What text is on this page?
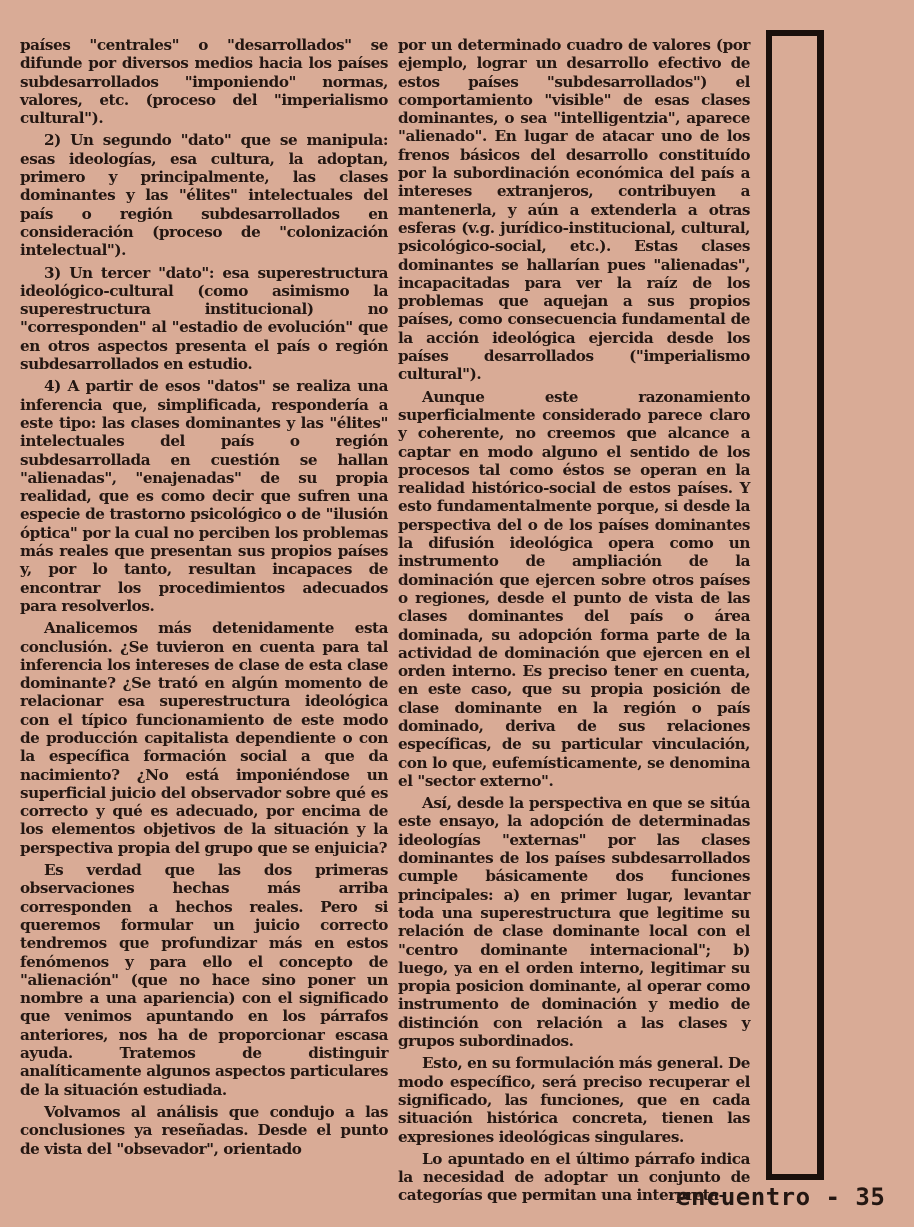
países "centrales" o "desarrollados" se difunde por diversos medios hacia los países subdesarrollados "imponiendo" normas, valores, etc. (proceso del "imperialismo cultural").

2) Un segundo "dato" que se manipula: esas ideologías, esa cultura, la adoptan, primero y principalmente, las clases dominantes y las "élites" intelectuales del país o región subdesarrollados en consideración (proceso de "colonización intelectual").

3) Un tercer "dato": esa superestructura ideológico-cultural (como asimismo la superestructura institucional) no "corresponden" al "estadio de evolución" que en otros aspectos presenta el país o región subdesarrollados en estudio.

4) A partir de esos "datos" se realiza una inferencia que, simplificada, respondería a este tipo: las clases dominantes y las "élites" intelectuales del país o región subdesarrollada en cuestión se hallan "alienadas", "enajenadas" de su propia realidad, que es como decir que sufren una especie de trastorno psicológico o de "ilusión óptica" por la cual no perciben los problemas más reales que presentan sus propios países y, por lo tanto, resultan incapaces de encontrar los procedimientos adecuados para resolverlos.

Analicemos más detenidamente esta conclusión. ¿Se tuvieron en cuenta para tal inferencia los intereses de clase de esta clase dominante? ¿Se trató en algún momento de relacionar esa superestructura ideológica con el típico funcionamiento de este modo de producción capitalista dependiente o con la específica formación social a que da nacimiento? ¿No está imponiéndose un superficial juicio del observador sobre qué es correcto y qué es adecuado, por encima de los elementos objetivos de la situación y la perspectiva propia del grupo que se enjuicia?

Es verdad que las dos primeras observaciones hechas más arriba corresponden a hechos reales. Pero si queremos formular un juicio correcto tendremos que profundizar más en estos fenómenos y para ello el concepto de "alienación" (que no hace sino poner un nombre a una apariencia) con el significado que venimos apuntando en los párrafos anteriores, nos ha de proporcionar escasa ayuda. Tratemos de distinguir analíticamente algunos aspectos particulares de la situación estudiada.

Volvamos al análisis que condujo a las conclusiones ya reseñadas. Desde el punto de vista del "obsevador", orientado

por un determinado cuadro de valores (por ejemplo, lograr un desarrollo efectivo de estos países "subdesarrollados") el comportamiento "visible" de esas clases dominantes, o sea "intelligentzia", aparece "alienado". En lugar de atacar uno de los frenos básicos del desarrollo constituído por la subordinación económica del país a intereses extranjeros, contribuyen a mantenerla, y aún a extenderla a otras esferas (v.g. jurídico-institucional, cultural, psicológico-social, etc.). Estas clases dominantes se hallarían pues "alienadas", incapacitadas para ver la raíz de los problemas que aquejan a sus propios países, como consecuencia fundamental de la acción ideológica ejercida desde los países desarrollados ("imperialismo cultural").

Aunque este razonamiento superficialmente considerado parece claro y coherente, no creemos que alcance a captar en modo alguno el sentido de los procesos tal como éstos se operan en la realidad histórico-social de estos países. Y esto fundamentalmente porque, si desde la perspectiva del o de los países dominantes la difusión ideológica opera como un instrumento de ampliación de la dominación que ejercen sobre otros países o regiones, desde el punto de vista de las clases dominantes del país o área dominada, su adopción forma parte de la actividad de dominación que ejercen en el orden interno. Es preciso tener en cuenta, en este caso, que su propia posición de clase dominante en la región o país dominado, deriva de sus relaciones específicas, de su particular vinculación, con lo que, eufemísticamente, se denomina el "sector externo".

Así, desde la perspectiva en que se sitúa este ensayo, la adopción de determinadas ideologías "externas" por las clases dominantes de los países subdesarrollados cumple básicamente dos funciones principales: a) en primer lugar, levantar toda una superestructura que legitime su relación de clase dominante local con el "centro dominante internacional"; b) luego, ya en el orden interno, legitimar su propia posicion dominante, al operar como instrumento de dominación y medio de distinción con relación a las clases y grupos subordinados.

Esto, en su formulación más general. De modo específico, será preciso recuperar el significado, las funciones, que en cada situación histórica concreta, tienen las expresiones ideológicas singulares.

Lo apuntado en el último párrafo indica la necesidad de adoptar un conjunto de categorías que permitan una interpreta-

encuentro - 35
